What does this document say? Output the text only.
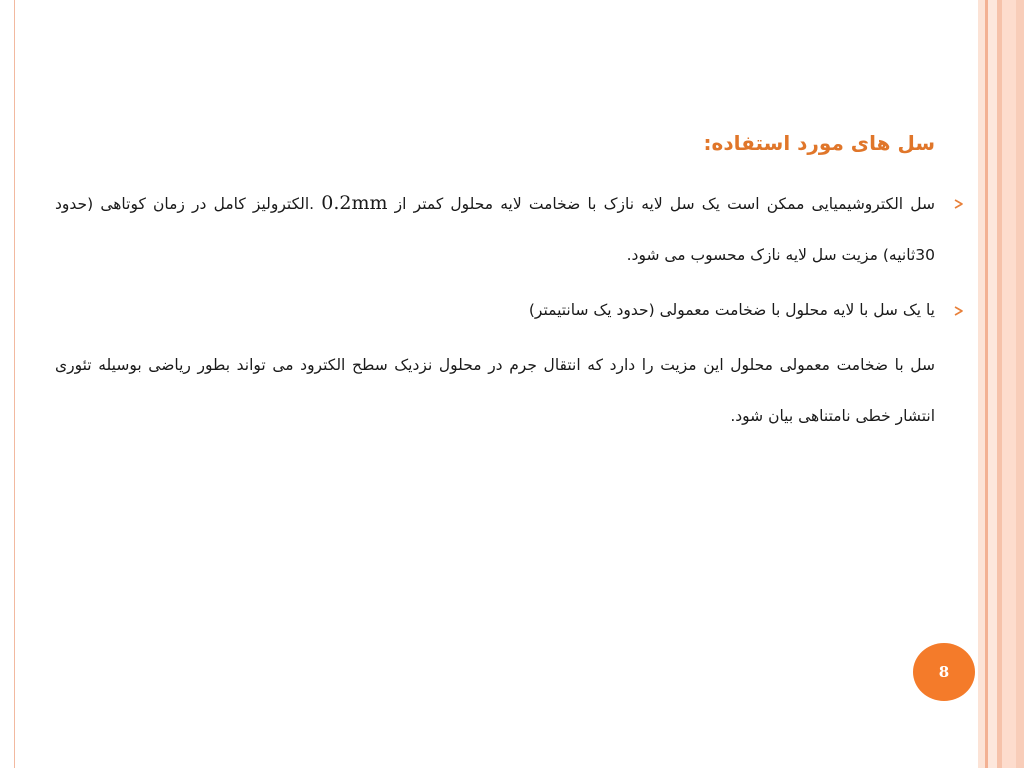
سل های مورد استفاده:

سل الکتروشیمیایی ممکن است یک سل لایه نازک با ضخامت لایه محلول کمتر از 0.2mm .الکترولیز کامل در زمان کوتاهی (حدود 30ثانیه) مزیت سل لایه نازک محسوب می شود.

یا یک سل با لایه محلول با ضخامت معمولی (حدود یک سانتیمتر)

سل با ضخامت معمولی محلول این مزیت را دارد که انتقال جرم در محلول نزدیک سطح الکترود می تواند بطور ریاضی بوسیله تئوری انتشار خطی نامتناهی بیان شود.

8
